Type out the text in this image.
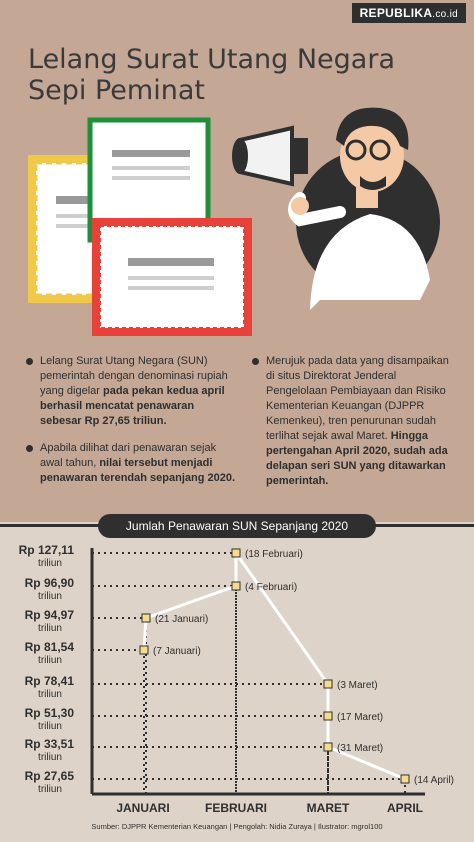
REPUBLIKA.co.id
Lelang Surat Utang Negara
Sepi Peminat
Lelang Surat Utang Negara (SUN) pemerintah dengan denominasi rupiah yang digelar pada pekan kedua april berhasil mencatat penawaran sebesar Rp 27,65 triliun.
Apabila dilihat dari penawaran sejak awal tahun, nilai tersebut menjadi penawaran terendah sepanjang 2020.
Merujuk pada data yang disampaikan di situs Direktorat Jenderal Pengelolaan Pembiayaan dan Risiko Kementerian Keuangan (DJPPR Kemenkeu), tren penurunan sudah terlihat sejak awal Maret. Hingga pertengahan April 2020, sudah ada delapan seri SUN yang ditawarkan pemerintah.
Jumlah Penawaran SUN Sepanjang 2020
Rp 127,11
triliun
Rp 96,90
triliun
Rp 94,97
triliun
Rp 81,54
triliun
Rp 78,41
triliun
Rp 51,30
triliun
Rp 33,51
triliun
Rp 27,65
triliun
(7 Januari)
(21 Januari)
(4 Februari)
(18 Februari)
(3 Maret)
(17 Maret)
(31 Maret)
(14 April)
JANUARI	FEBRUARI	MARET	APRIL
Sumber: DJPPR Kementerian Keuangan | Pengolah: Nidia Zuraya | Ilustrator: mgrol100
